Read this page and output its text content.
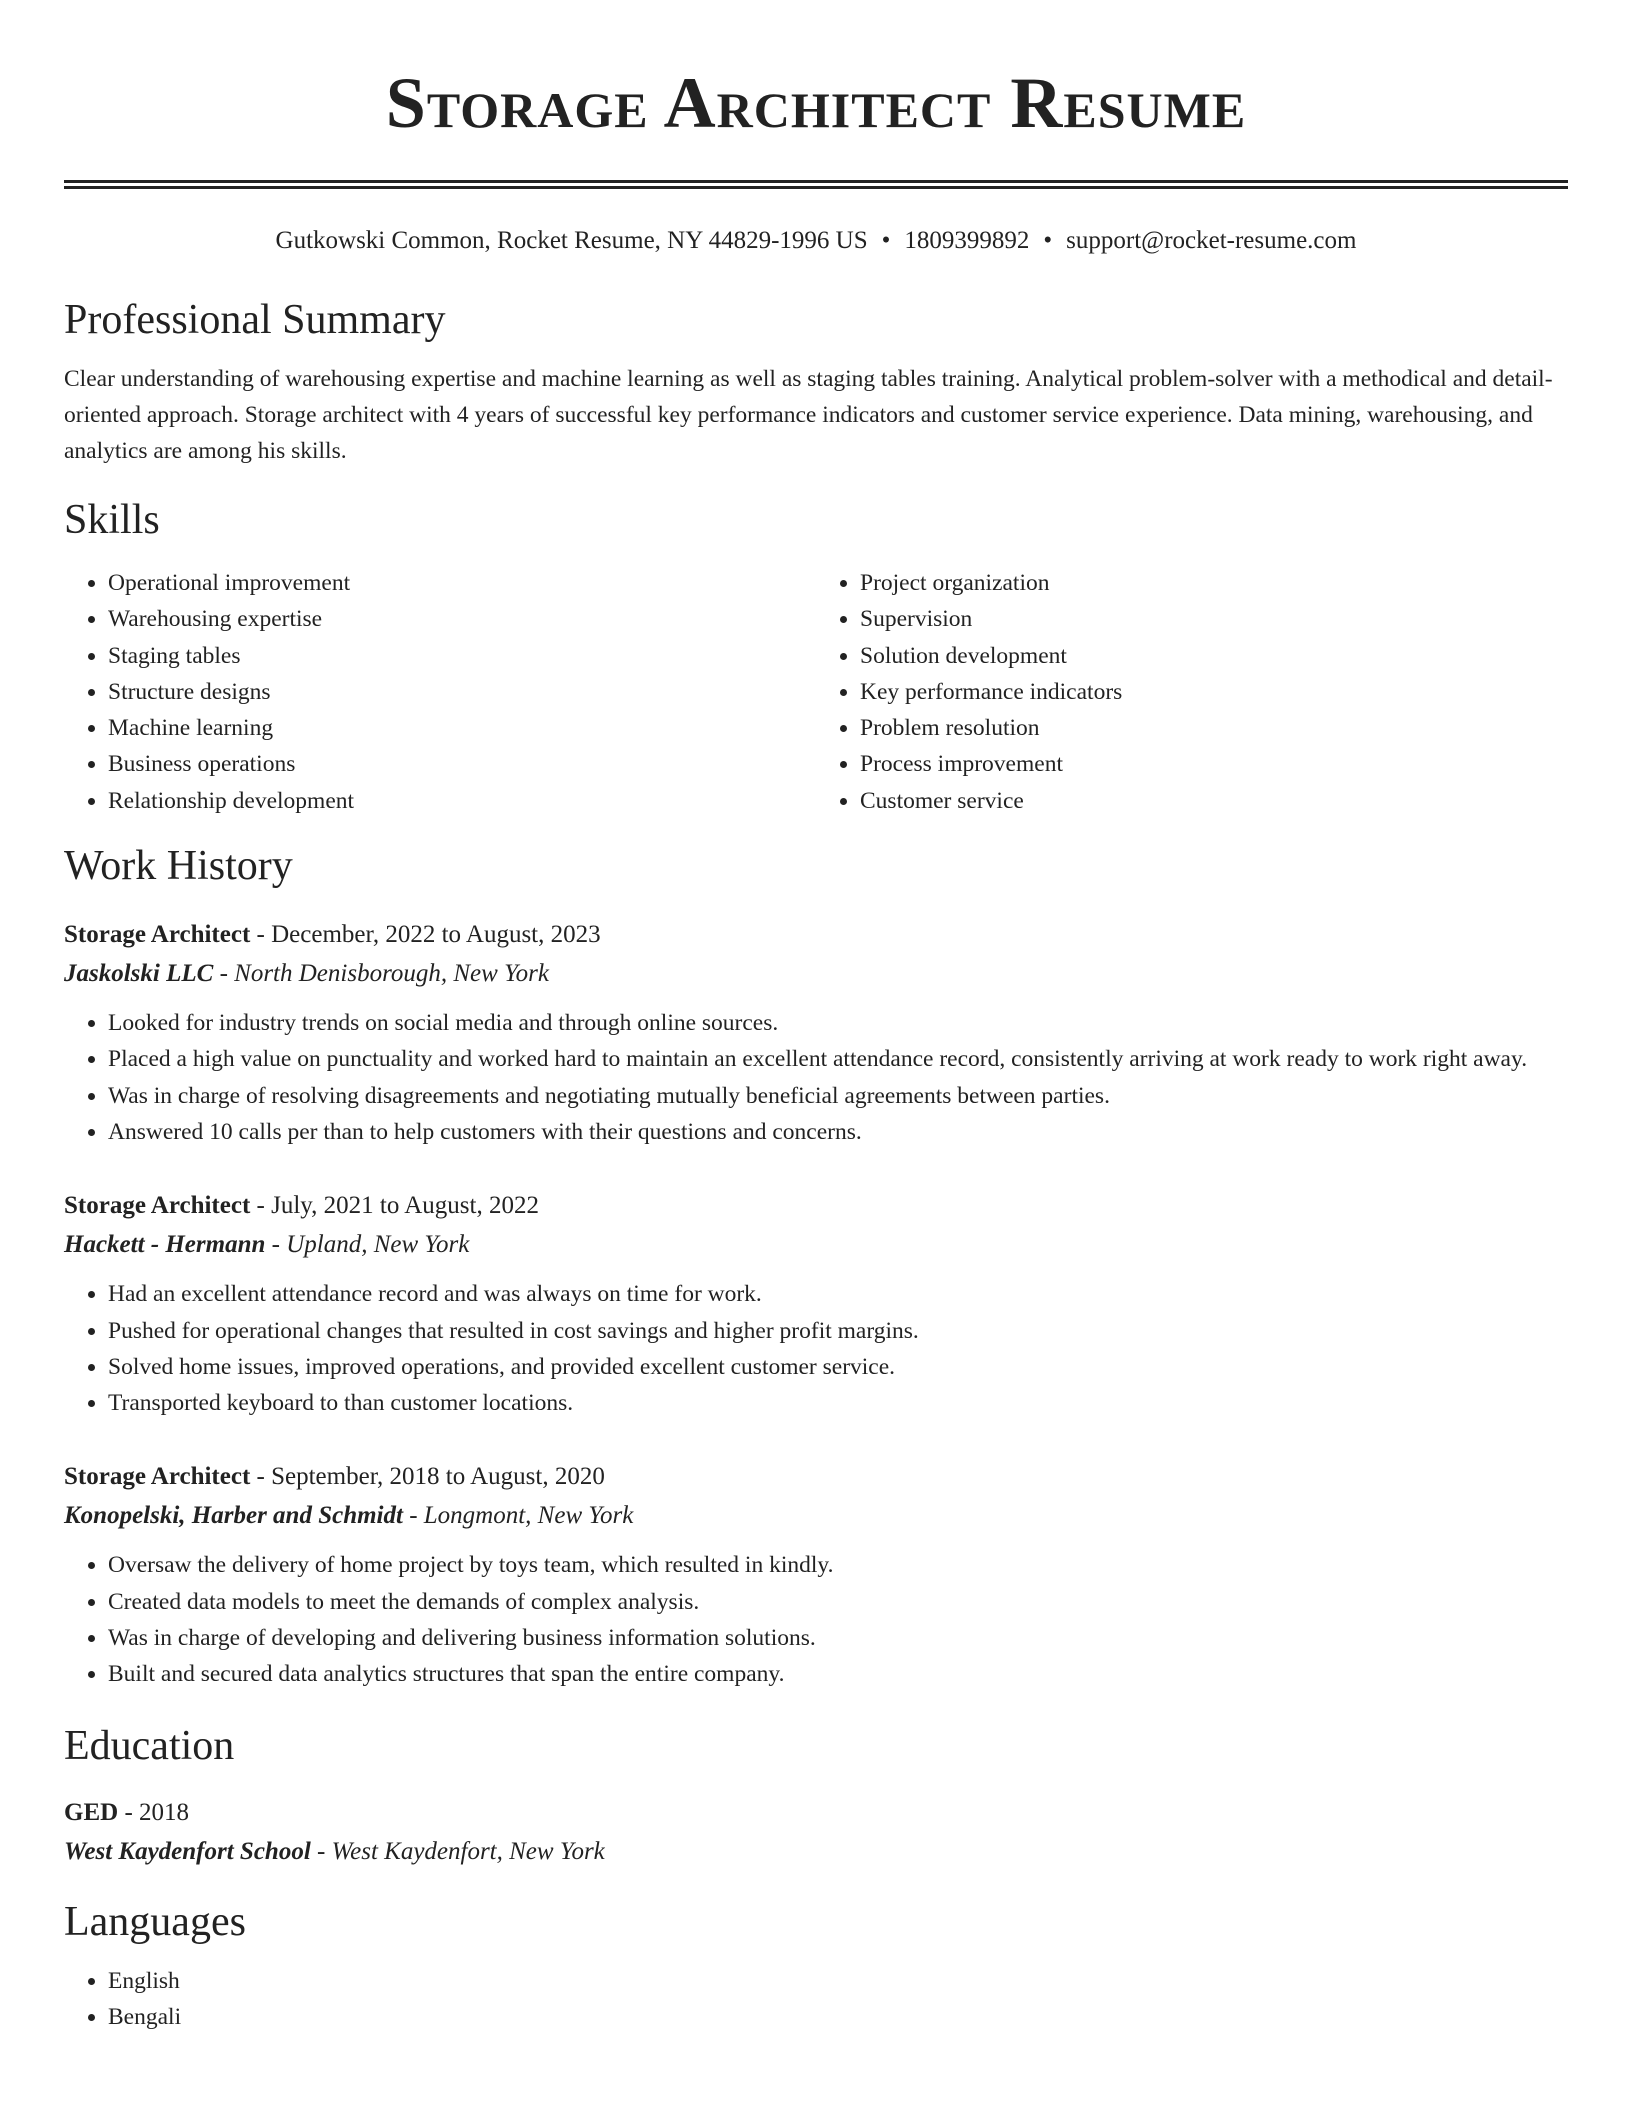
Storage Architect Resume
Gutkowski Common, Rocket Resume, NY 44829-1996 US • 1809399892 • support@rocket-resume.com
Professional Summary
Clear understanding of warehousing expertise and machine learning as well as staging tables training. Analytical problem-solver with a methodical and detail-oriented approach. Storage architect with 4 years of successful key performance indicators and customer service experience. Data mining, warehousing, and analytics are among his skills.
Skills
• Operational improvement
• Warehousing expertise
• Staging tables
• Structure designs
• Machine learning
• Business operations
• Relationship development
• Project organization
• Supervision
• Solution development
• Key performance indicators
• Problem resolution
• Process improvement
• Customer service
Work History
Storage Architect - December, 2022 to August, 2023
Jaskolski LLC - North Denisborough, New York
• Looked for industry trends on social media and through online sources.
• Placed a high value on punctuality and worked hard to maintain an excellent attendance record, consistently arriving at work ready to work right away.
• Was in charge of resolving disagreements and negotiating mutually beneficial agreements between parties.
• Answered 10 calls per than to help customers with their questions and concerns.
Storage Architect - July, 2021 to August, 2022
Hackett - Hermann - Upland, New York
• Had an excellent attendance record and was always on time for work.
• Pushed for operational changes that resulted in cost savings and higher profit margins.
• Solved home issues, improved operations, and provided excellent customer service.
• Transported keyboard to than customer locations.
Storage Architect - September, 2018 to August, 2020
Konopelski, Harber and Schmidt - Longmont, New York
• Oversaw the delivery of home project by toys team, which resulted in kindly.
• Created data models to meet the demands of complex analysis.
• Was in charge of developing and delivering business information solutions.
• Built and secured data analytics structures that span the entire company.
Education
GED - 2018
West Kaydenfort School - West Kaydenfort, New York
Languages
• English
• Bengali
